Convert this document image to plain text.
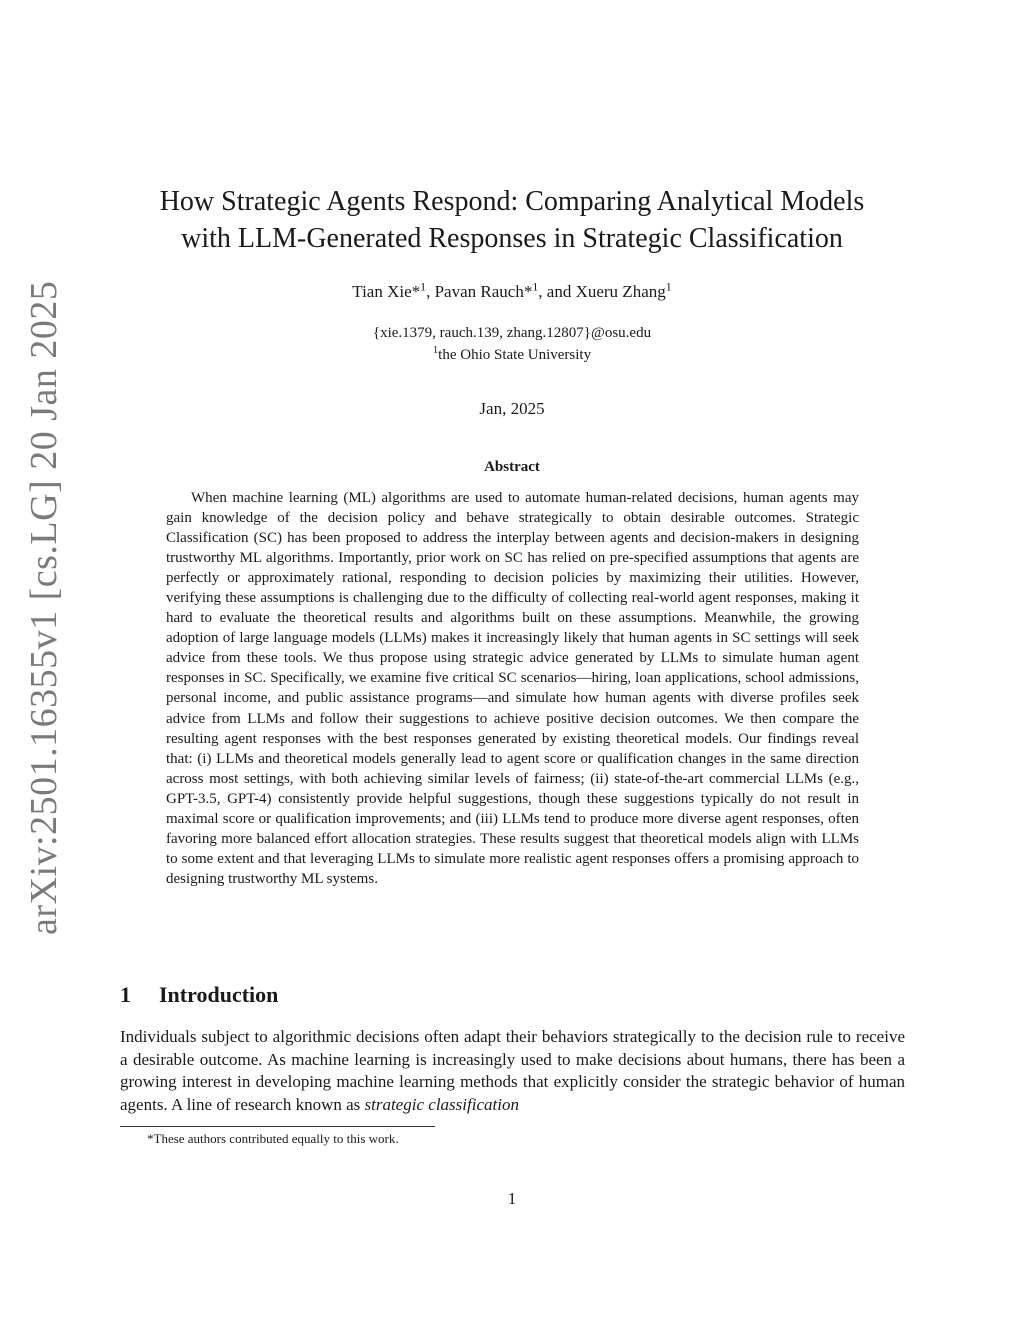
arXiv:2501.16355v1 [cs.LG] 20 Jan 2025
How Strategic Agents Respond: Comparing Analytical Models
with LLM-Generated Responses in Strategic Classification
Tian Xie*$^1$, Pavan Rauch*$^1$, and Xueru Zhang$^1$
{xie.1379, rauch.139, zhang.12807}@osu.edu
$^1$the Ohio State University
Jan, 2025
Abstract

When machine learning (ML) algorithms are used to automate human-related decisions, human agents may gain knowledge of the decision policy and behave strategically to obtain desirable outcomes. Strategic Classification (SC) has been proposed to address the interplay between agents and decision-makers in designing trustworthy ML algorithms. Importantly, prior work on SC has relied on pre-specified assumptions that agents are perfectly or approximately rational, responding to decision policies by maximizing their utilities. However, verifying these assumptions is challenging due to the difficulty of collecting real-world agent responses, making it hard to evaluate the theoretical results and algorithms built on these assumptions. Meanwhile, the growing adoption of large language models (LLMs) makes it increasingly likely that human agents in SC settings will seek advice from these tools. We thus propose using strategic advice generated by LLMs to simulate human agent responses in SC. Specifically, we examine five critical SC scenarios—hiring, loan applications, school admissions, personal income, and public assistance programs—and simulate how human agents with diverse profiles seek advice from LLMs and follow their suggestions to achieve positive decision outcomes. We then compare the resulting agent responses with the best responses generated by existing theoretical models. Our findings reveal that: (i) LLMs and theoretical models generally lead to agent score or qualification changes in the same direction across most settings, with both achieving similar levels of fairness; (ii) state-of-the-art commercial LLMs (e.g., GPT-3.5, GPT-4) consistently provide helpful suggestions, though these suggestions typically do not result in maximal score or qualification improvements; and (iii) LLMs tend to produce more diverse agent responses, often favoring more balanced effort allocation strategies. These results suggest that theoretical models align with LLMs to some extent and that leveraging LLMs to simulate more realistic agent responses offers a promising approach to designing trustworthy ML systems.

1 Introduction

Individuals subject to algorithmic decisions often adapt their behaviors strategically to the decision rule to receive a desirable outcome. As machine learning is increasingly used to make decisions about humans, there has been a growing interest in developing machine learning methods that explicitly consider the strategic behavior of human agents. A line of research known as strategic classification

*These authors contributed equally to this work.
1
